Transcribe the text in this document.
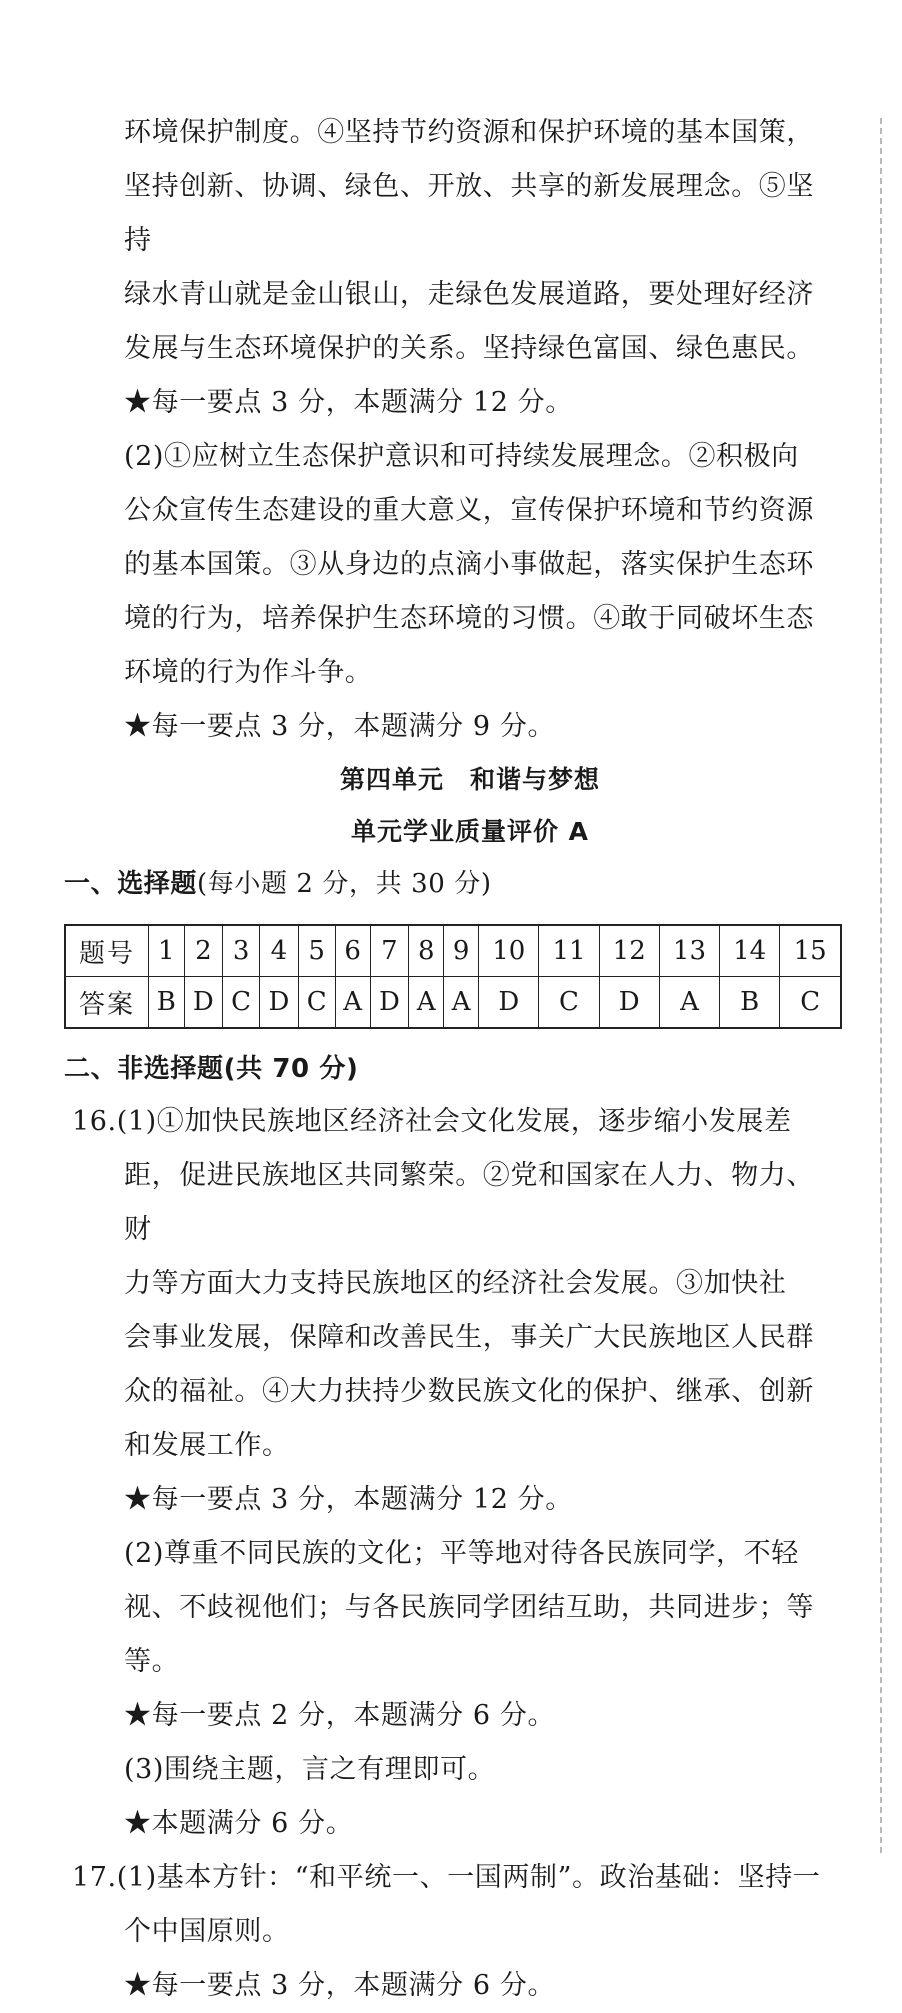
环境保护制度。④坚持节约资源和保护环境的基本国策，

坚持创新、协调、绿色、开放、共享的新发展理念。⑤坚持

绿水青山就是金山银山，走绿色发展道路，要处理好经济

发展与生态环境保护的关系。坚持绿色富国、绿色惠民。

★每一要点 3 分，本题满分 12 分。

(2)①应树立生态保护意识和可持续发展理念。②积极向

公众宣传生态建设的重大意义，宣传保护环境和节约资源

的基本国策。③从身边的点滴小事做起，落实保护生态环

境的行为，培养保护生态环境的习惯。④敢于同破坏生态

环境的行为作斗争。

★每一要点 3 分，本题满分 9 分。

第四单元　和谐与梦想

单元学业质量评价 A

一、选择题(每小题 2 分，共 30 分)

题号	1	2	3	4	5	6	7	8	9	10	11	12	13	14	15
答案	B	D	C	D	C	A	D	A	A	D	C	D	A	B	C

二、非选择题(共 70 分)

16.(1)①加快民族地区经济社会文化发展，逐步缩小发展差

距，促进民族地区共同繁荣。②党和国家在人力、物力、财

力等方面大力支持民族地区的经济社会发展。③加快社

会事业发展，保障和改善民生，事关广大民族地区人民群

众的福祉。④大力扶持少数民族文化的保护、继承、创新

和发展工作。

★每一要点 3 分，本题满分 12 分。

(2)尊重不同民族的文化；平等地对待各民族同学，不轻

视、不歧视他们；与各民族同学团结互助，共同进步；等等。

★每一要点 2 分，本题满分 6 分。

(3)围绕主题，言之有理即可。

★本题满分 6 分。

17.(1)基本方针：“和平统一、一国两制”。政治基础：坚持一

个中国原则。

★每一要点 3 分，本题满分 6 分。
